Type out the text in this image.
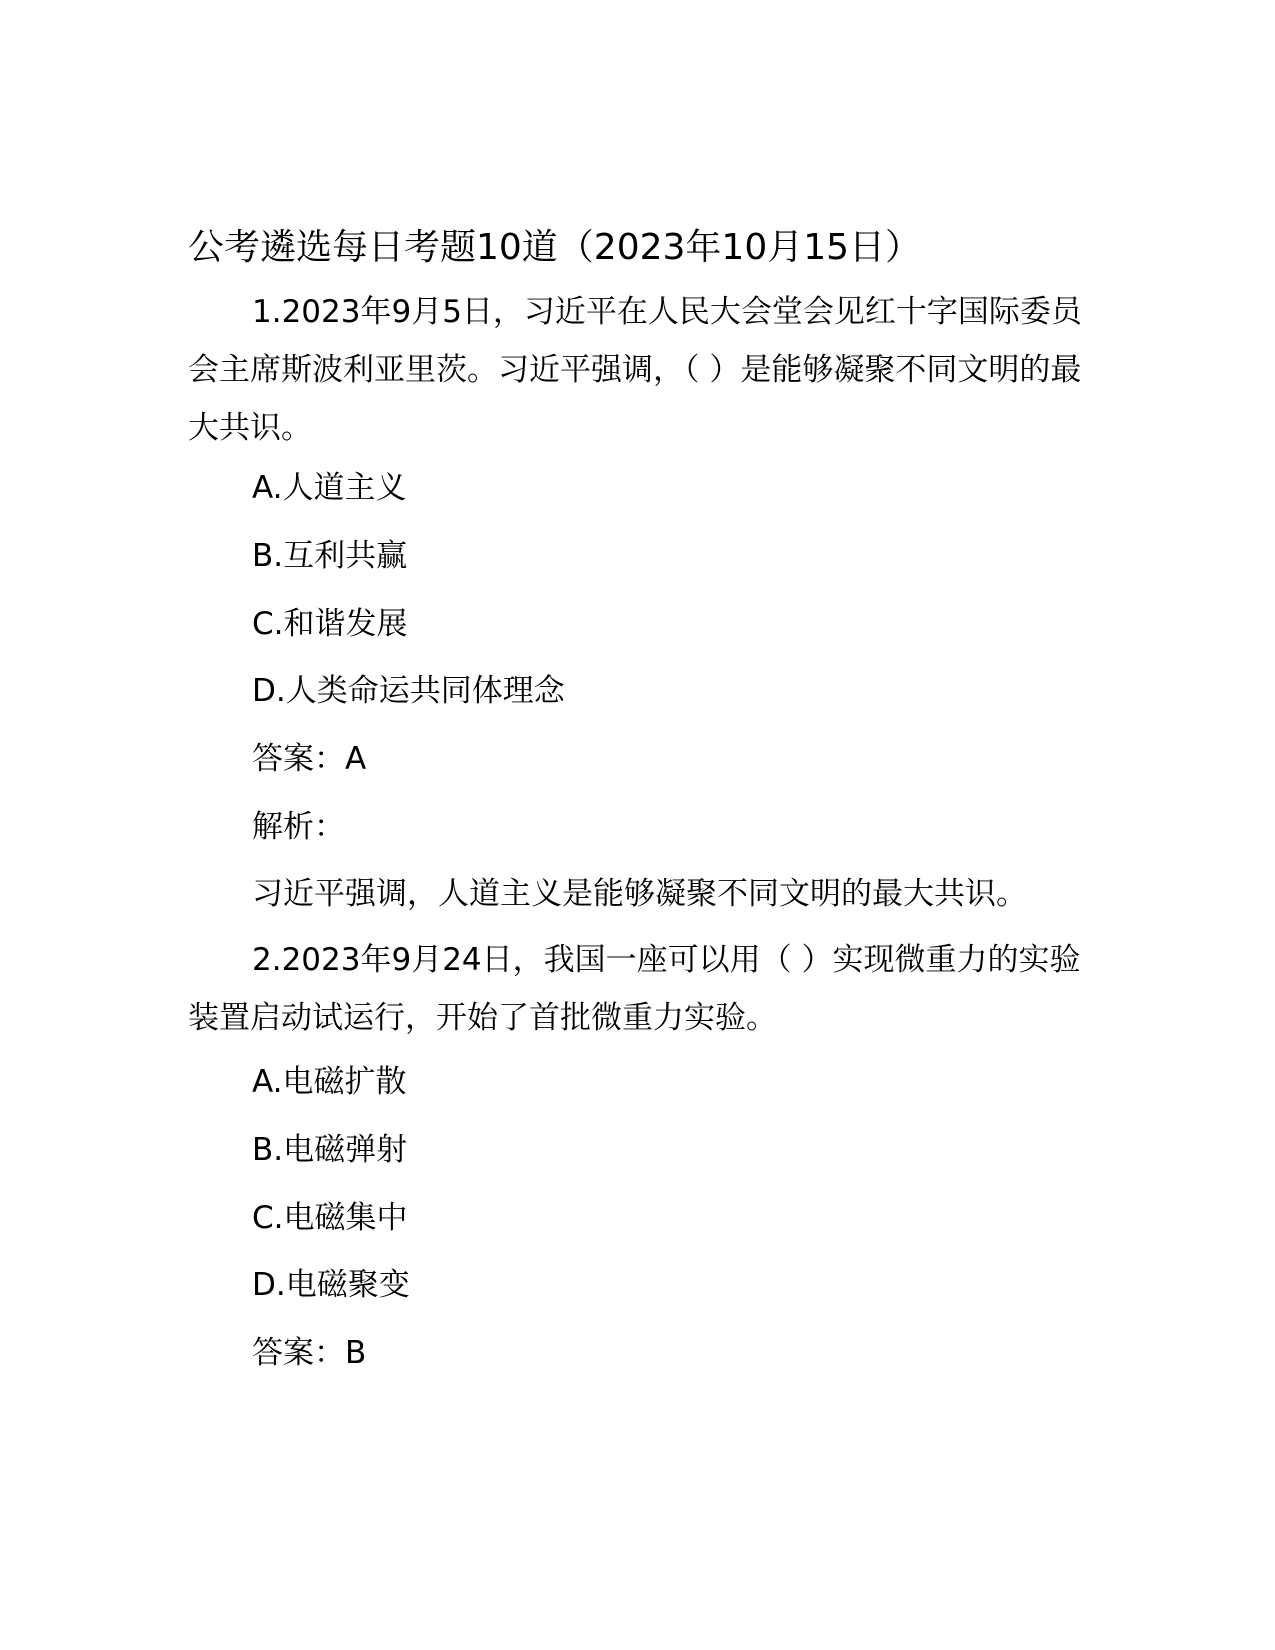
公考遴选每日考题10道（2023年10月15日）

1.2023年9月5日，习近平在人民大会堂会见红十字国际委员会主席斯波利亚里茨。习近平强调，（ ）是能够凝聚不同文明的最大共识。

A.人道主义

B.互利共赢

C.和谐发展

D.人类命运共同体理念

答案：A

解析：

习近平强调，人道主义是能够凝聚不同文明的最大共识。

2.2023年9月24日，我国一座可以用（ ）实现微重力的实验装置启动试运行，开始了首批微重力实验。

A.电磁扩散

B.电磁弹射

C.电磁集中

D.电磁聚变

答案：B
